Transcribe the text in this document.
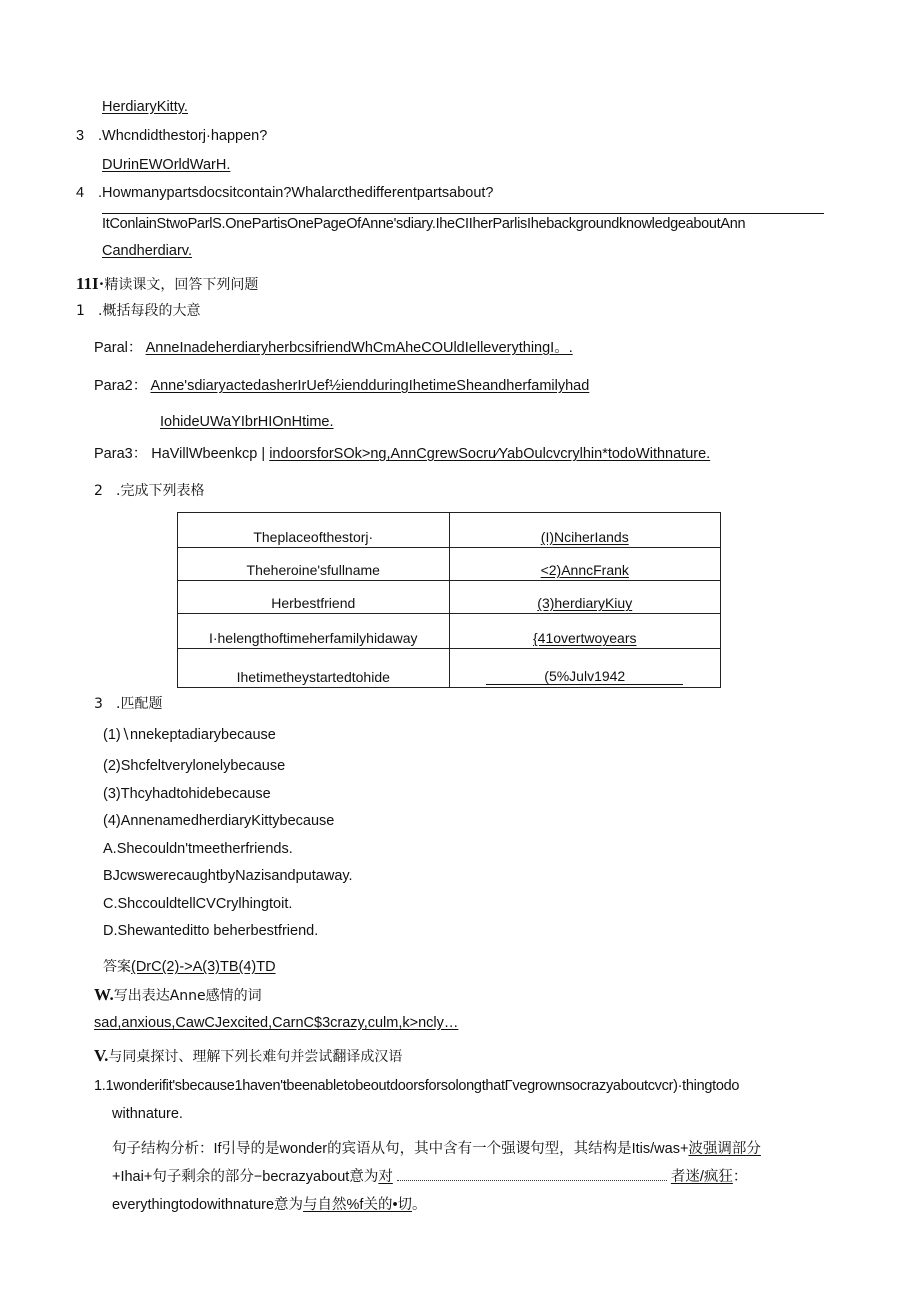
HerdiaryKitty.
3 .Whcndidthestorj·happen?
DUrinEWOrldWarH.
4 .Howmanypartsdocsitcontain?Whalarcthedifferentpartsabout?
ItConlainStwoParlS.OnePartisOnePageOfAnne'sdiary.IheCIIherParlisIhebackgroundknowledgeaboutAnn
Candherdiarv.
11I·精读课文，回答下列问题
1 .概括每段的大意
Paral： AnneInadeherdiaryherbcsifriendWhCmAheCOUldIelleverythingI。.
Para2： Anne'sdiaryactedasherIrUef½ienddurinɡIhetimeSheandherfamilyhad
IohideUWaYIbrHIOnHtime.
Para3： HaVillWbeenkcp | indoorsforSOk>ng,AnnCgrewSocru∕YabOulcvcrylhin*todoWithnature.
2 .完成下列表格
Theplaceofthestorj·	(I)NciherIands
Theheroine'sfullname	<2)AnncFrank
Herbestfriend	(3)herdiaryKiuy
I·helengthoftimeherfamilyhidaway	{41overtwoyears
Ihetimetheystartedtohide	(5%Julv1942
3 .匹配题
(1)∖nnekeptadiarybecause
(2)Shcfeltverylonelybecause
(3)Thcyhadtohidebecause
(4)AnnenamedherdiaryKittybecause
A.Shecouldn'tmeetherfriends.
BJcwswerecaughtbyNazisandputaway.
C.ShccouldtellCVCrylhingtoit.
D.Shewanteditto beherbestfriend.
答案(DrC(2)->A(3)TB(4)TD
W.写出表达Anne感情的词
sad,anxious,CawCJexcited,CarnC$3crazy,culm,k>ncly…
V.与同桌探讨、理解下列长难句并尝试翻译成汉语
1.1wonderifit'sbecause1haven'tbeenabletobeoutdoorsforsolongthatΓvegrownsocrazyaboutcvcr)·thingtodo
withnature.
句子结构分析：If引导的是wonder的宾语从句，其中含有一个强谡句型，其结构是Itis/was+波强调部分
+Ihai+句子剩余的部分−becrazyabout意为对	者迷/疯狂：
everythingtodowithnature意为与自然%f关的•切。
